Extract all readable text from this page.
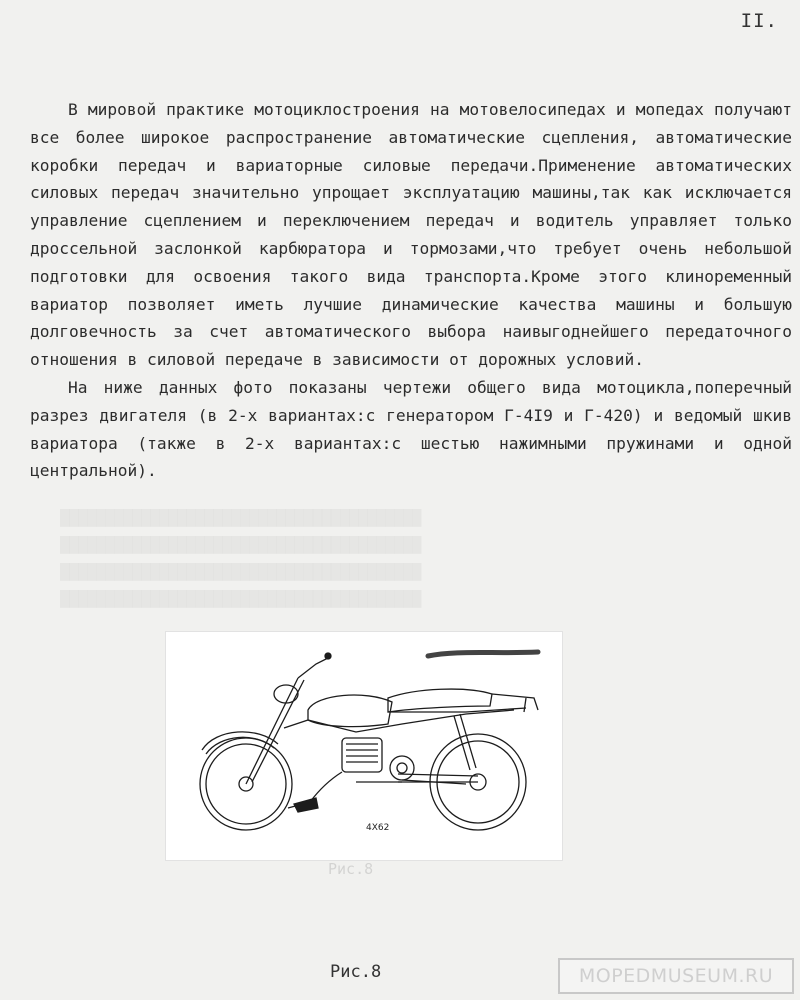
II.

В мировой практике мотоциклостроения на мотовелосипедах и мопедах получают все более широкое распространение автоматические сцепления, автоматические коробки передач и вариаторные силовые передачи.Применение автоматических силовых передач значительно упрощает эксплуатацию машины,так как исключается управление сцеплением и переключением передач и водитель управляет только дроссельной заслонкой карбюратора и тормозами,что требует очень небольшой подготовки для освоения такого вида транспорта.Кроме этого клиноременный вариатор позволяет иметь лучшие динамические качества машины и большую долговечность за счет автоматического выбора наивыгоднейшего передаточного отношения в силовой передаче в зависимости от дорожных условий.

На ниже данных фото показаны чертежи общего вида мотоцикла,поперечный разрез двигателя (в 2-х вариантах:с генератором Г-4I9 и Г-420) и ведомый шкив вариатора (также в 2-х вариантах:с шестью нажимными пружинами и одной центральной).

4Х62
Рис.8
Рис.8	MOPEDMUSEUM.RU
